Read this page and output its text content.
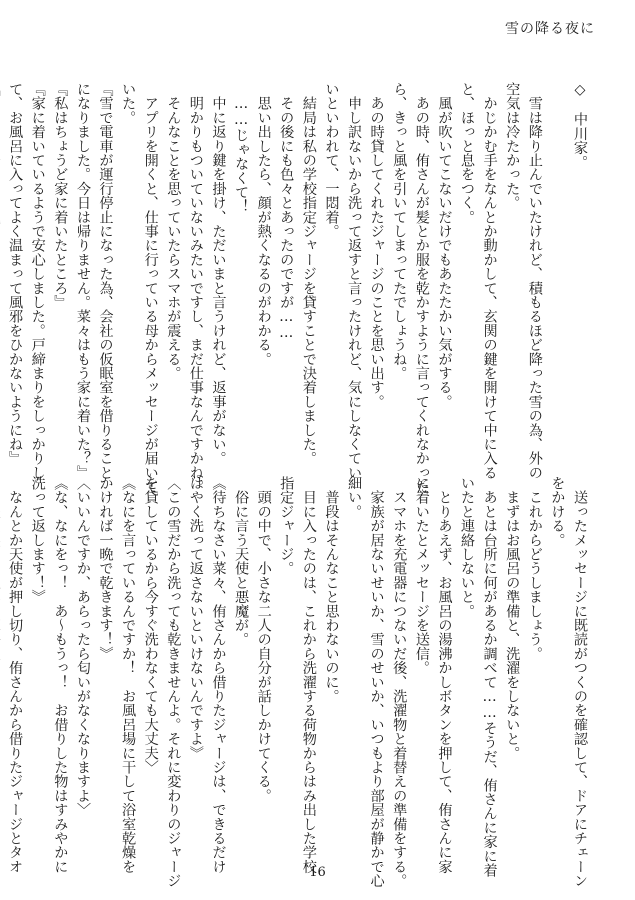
雪の降る夜に
◇　中川家。

　雪は降り止んでいたけれど、積もるほど降った雪の為、外の
空気は冷たかった。
　かじかむ手をなんとか動かして、玄関の鍵を開けて中に入る
と、ほっと息をつく。
　風が吹いてこないだけでもあたたかい気がする。
　あの時、侑さんが髪とか服を乾かすように言ってくれなかった
ら、きっと風を引いてしまってたでしょうね。
　あの時貸してくれたジャージのことを思い出す。
　申し訳ないから洗って返すと言ったけれど、気にしなくてい
いといわれて、一悶着。
　結局は私の学校指定ジャージを貸すことで決着しました。
　その後にも色々とあったのですが……
　思い出したら、顔が熱くなるのがわかる。
　……じゃなくて！
　中に返り鍵を掛け、ただいまと言うけれど、返事がない。
　明かりもついていないみたいですし、まだ仕事なんですかね。
　そんなことを思っていたらスマホが震える。
　アプリを開くと、仕事に行っている母からメッセージが届いて
いた。
『雪で電車が運行停止になった為、会社の仮眠室を借りること
になりました。今日は帰りません。菜々はもう家に着いた？』
『私はちょうど家に着いたところ』
『家に着いているようで安心しました。戸締まりをしっかりし
て、お風呂に入ってよく温まって風邪をひかないようにね』
　送ったメッセージに既読がつくのを確認して、ドアにチェーン
をかける。
　これからどうしましょう。
　まずはお風呂の準備と、洗濯をしないと。
　あとは台所に何があるか調べて……そうだ、侑さんに家に着
いたと連絡しないと。
　とりあえず、お風呂の湯沸かしボタンを押して、侑さんに家
に着いたとメッセージを送信。
　スマホを充電器につないだ後、洗濯物と着替えの準備をする。
　家族が居ないせいか、雪のせいか、いつもより部屋が静かで心
細い。
　普段はそんなこと思わないのに。
　目に入ったのは、これから洗濯する荷物からはみ出した学校
指定ジャージ。
　頭の中で、小さな二人の自分が話しかけてくる。
　俗に言う天使と悪魔が。
《待ちなさい菜々、侑さんから借りたジャージは、できるだけ
はやく洗って返さないといけないんですよ》
〈この雪だから洗っても乾きませんよ。それに変わりのジャージ
を貸しているから今すぐ洗わなくても大丈夫〉
《なにを言っているんですか！　お風呂場に干して浴室乾燥を
かければ一晩で乾きます！》
〈いいんですか、あらったら匂いがなくなりますよ〉
《な、なにをっ！　あ〜もうっ！　お借りした物はすみやかに
洗って返します！》
　なんとか天使が押し切り、侑さんから借りたジャージとタオ	16
